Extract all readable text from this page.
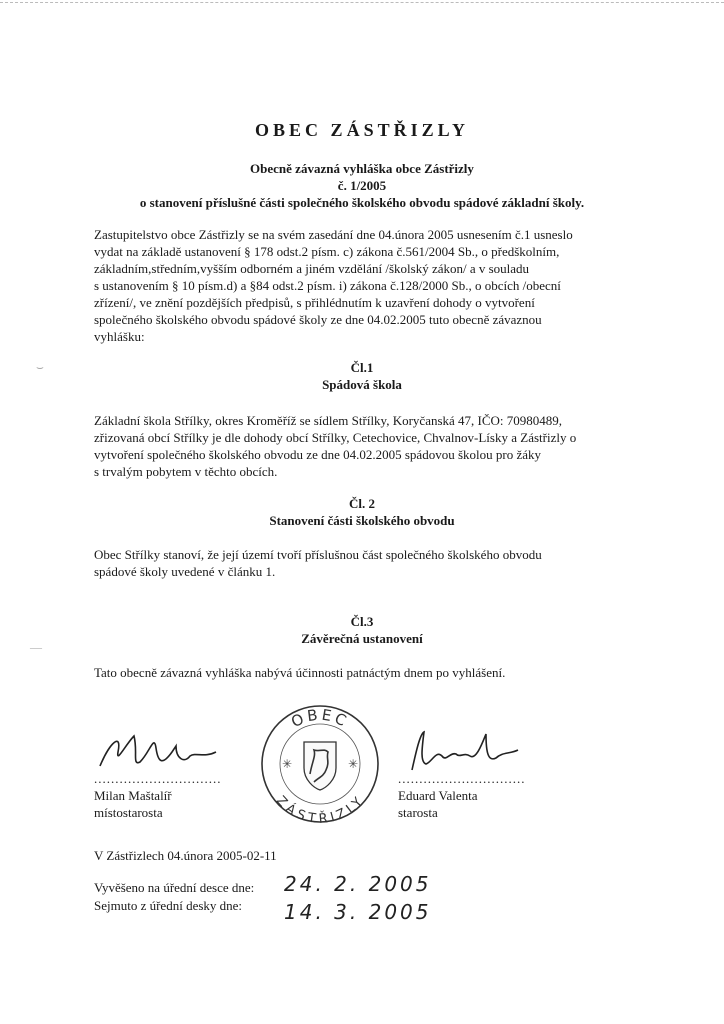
⌣
—
OBEC ZÁSTŘIZLY
Obecně závazná vyhláška obce Zástřizly
č. 1/2005
o stanovení příslušné části společného školského obvodu spádové základní školy.
Zastupitelstvo obce Zástřizly se na svém zasedání dne 04.února 2005 usnesením č.1 usneslo
vydat na základě ustanovení § 178 odst.2 písm. c) zákona č.561/2004 Sb., o předškolním,
základním,středním,vyšším odborném a jiném vzdělání /školský zákon/ a v souladu
s ustanovením § 10 písm.d) a §84 odst.2 písm. i) zákona č.128/2000 Sb., o obcích /obecní
zřízení/, ve znění pozdějších předpisů, s přihlédnutím k uzavření dohody o vytvoření
společného školského obvodu spádové školy ze dne 04.02.2005 tuto obecně závaznou
vyhlášku:
Čl.1
Spádová škola
Základní škola Střílky, okres Kroměříž se sídlem Střílky, Koryčanská 47, IČO: 70980489,
zřizovaná obcí Střílky je dle dohody obcí Střílky, Cetechovice, Chvalnov-Lísky a Zástřizly o
vytvoření společného školského obvodu ze dne 04.02.2005 spádovou školou pro žáky
s trvalým pobytem v těchto obcích.
Čl. 2
Stanovení části školského obvodu
Obec Střílky stanoví, že její území tvoří příslušnou část společného školského obvodu
spádové školy uvedené v článku 1.
Čl.3
Závěrečná ustanovení
Tato obecně závazná vyhláška nabývá účinnosti patnáctým dnem po vyhlášení.
..............................
Milan Maštalíř
místostarosta
OBEC
ZÁSTŘIZLY
✳	✳
..............................
Eduard Valenta
starosta
V Zástřizlech 04.února 2005-02-11
Vyvěšeno na úřední desce dne: 24. 2. 2005
Sejmuto z úřední desky dne: 14. 3. 2005
